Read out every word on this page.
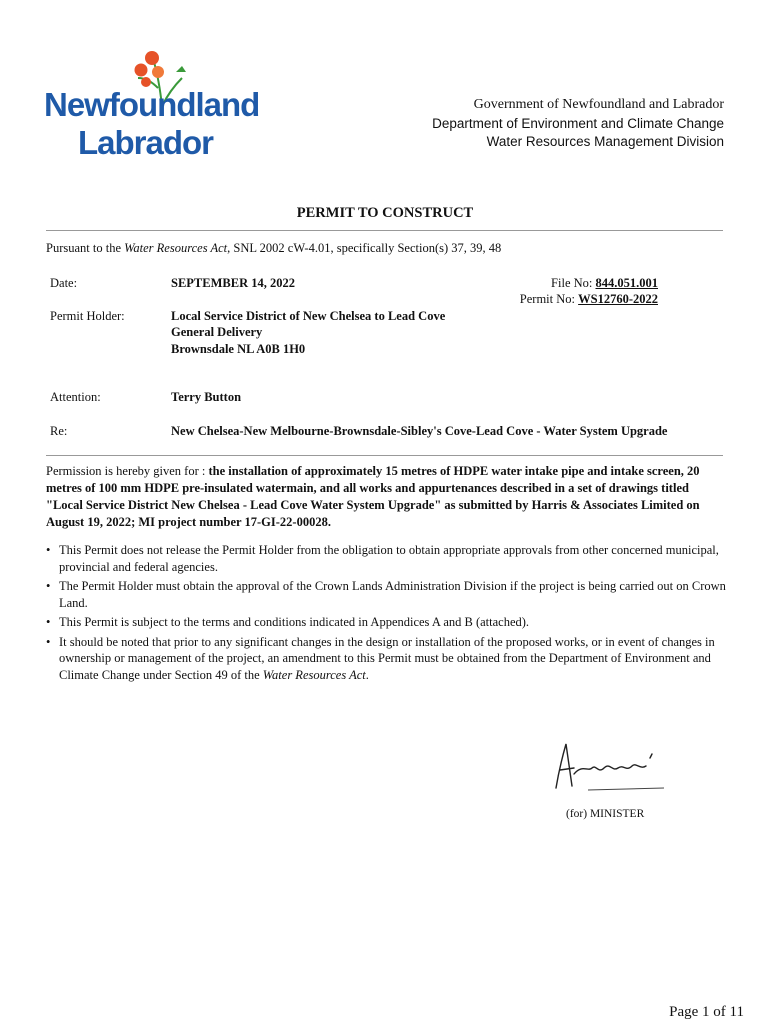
Newfoundland
Labrador
Government of Newfoundland and Labrador
Department of Environment and Climate Change
Water Resources Management Division
PERMIT TO CONSTRUCT
Pursuant to the Water Resources Act, SNL 2002 cW-4.01, specifically Section(s) 37, 39, 48
Date:	SEPTEMBER 14, 2022	File No: 844.051.001
Permit No: WS12760-2022
Permit Holder:	Local Service District of New Chelsea to Lead Cove
General Delivery
Brownsdale NL A0B 1H0
Attention:	Terry Button
Re:	New Chelsea-New Melbourne-Brownsdale-Sibley's Cove-Lead Cove - Water System Upgrade
Permission is hereby given for : the installation of approximately 15 metres of HDPE water intake pipe and intake screen, 20 metres of 100 mm HDPE pre-insulated watermain, and all works and appurtenances described in a set of drawings titled "Local Service District New Chelsea - Lead Cove Water System Upgrade" as submitted by Harris & Associates Limited on August 19, 2022; MI project number 17-GI-22-00028.
• This Permit does not release the Permit Holder from the obligation to obtain appropriate approvals from other concerned municipal, provincial and federal agencies.
• The Permit Holder must obtain the approval of the Crown Lands Administration Division if the project is being carried out on Crown Land.
• This Permit is subject to the terms and conditions indicated in Appendices A and B (attached).
• It should be noted that prior to any significant changes in the design or installation of the proposed works, or in event of changes in ownership or management of the project, an amendment to this Permit must be obtained from the Department of Environment and Climate Change under Section 49 of the Water Resources Act.
(for) MINISTER
Page 1 of 11
